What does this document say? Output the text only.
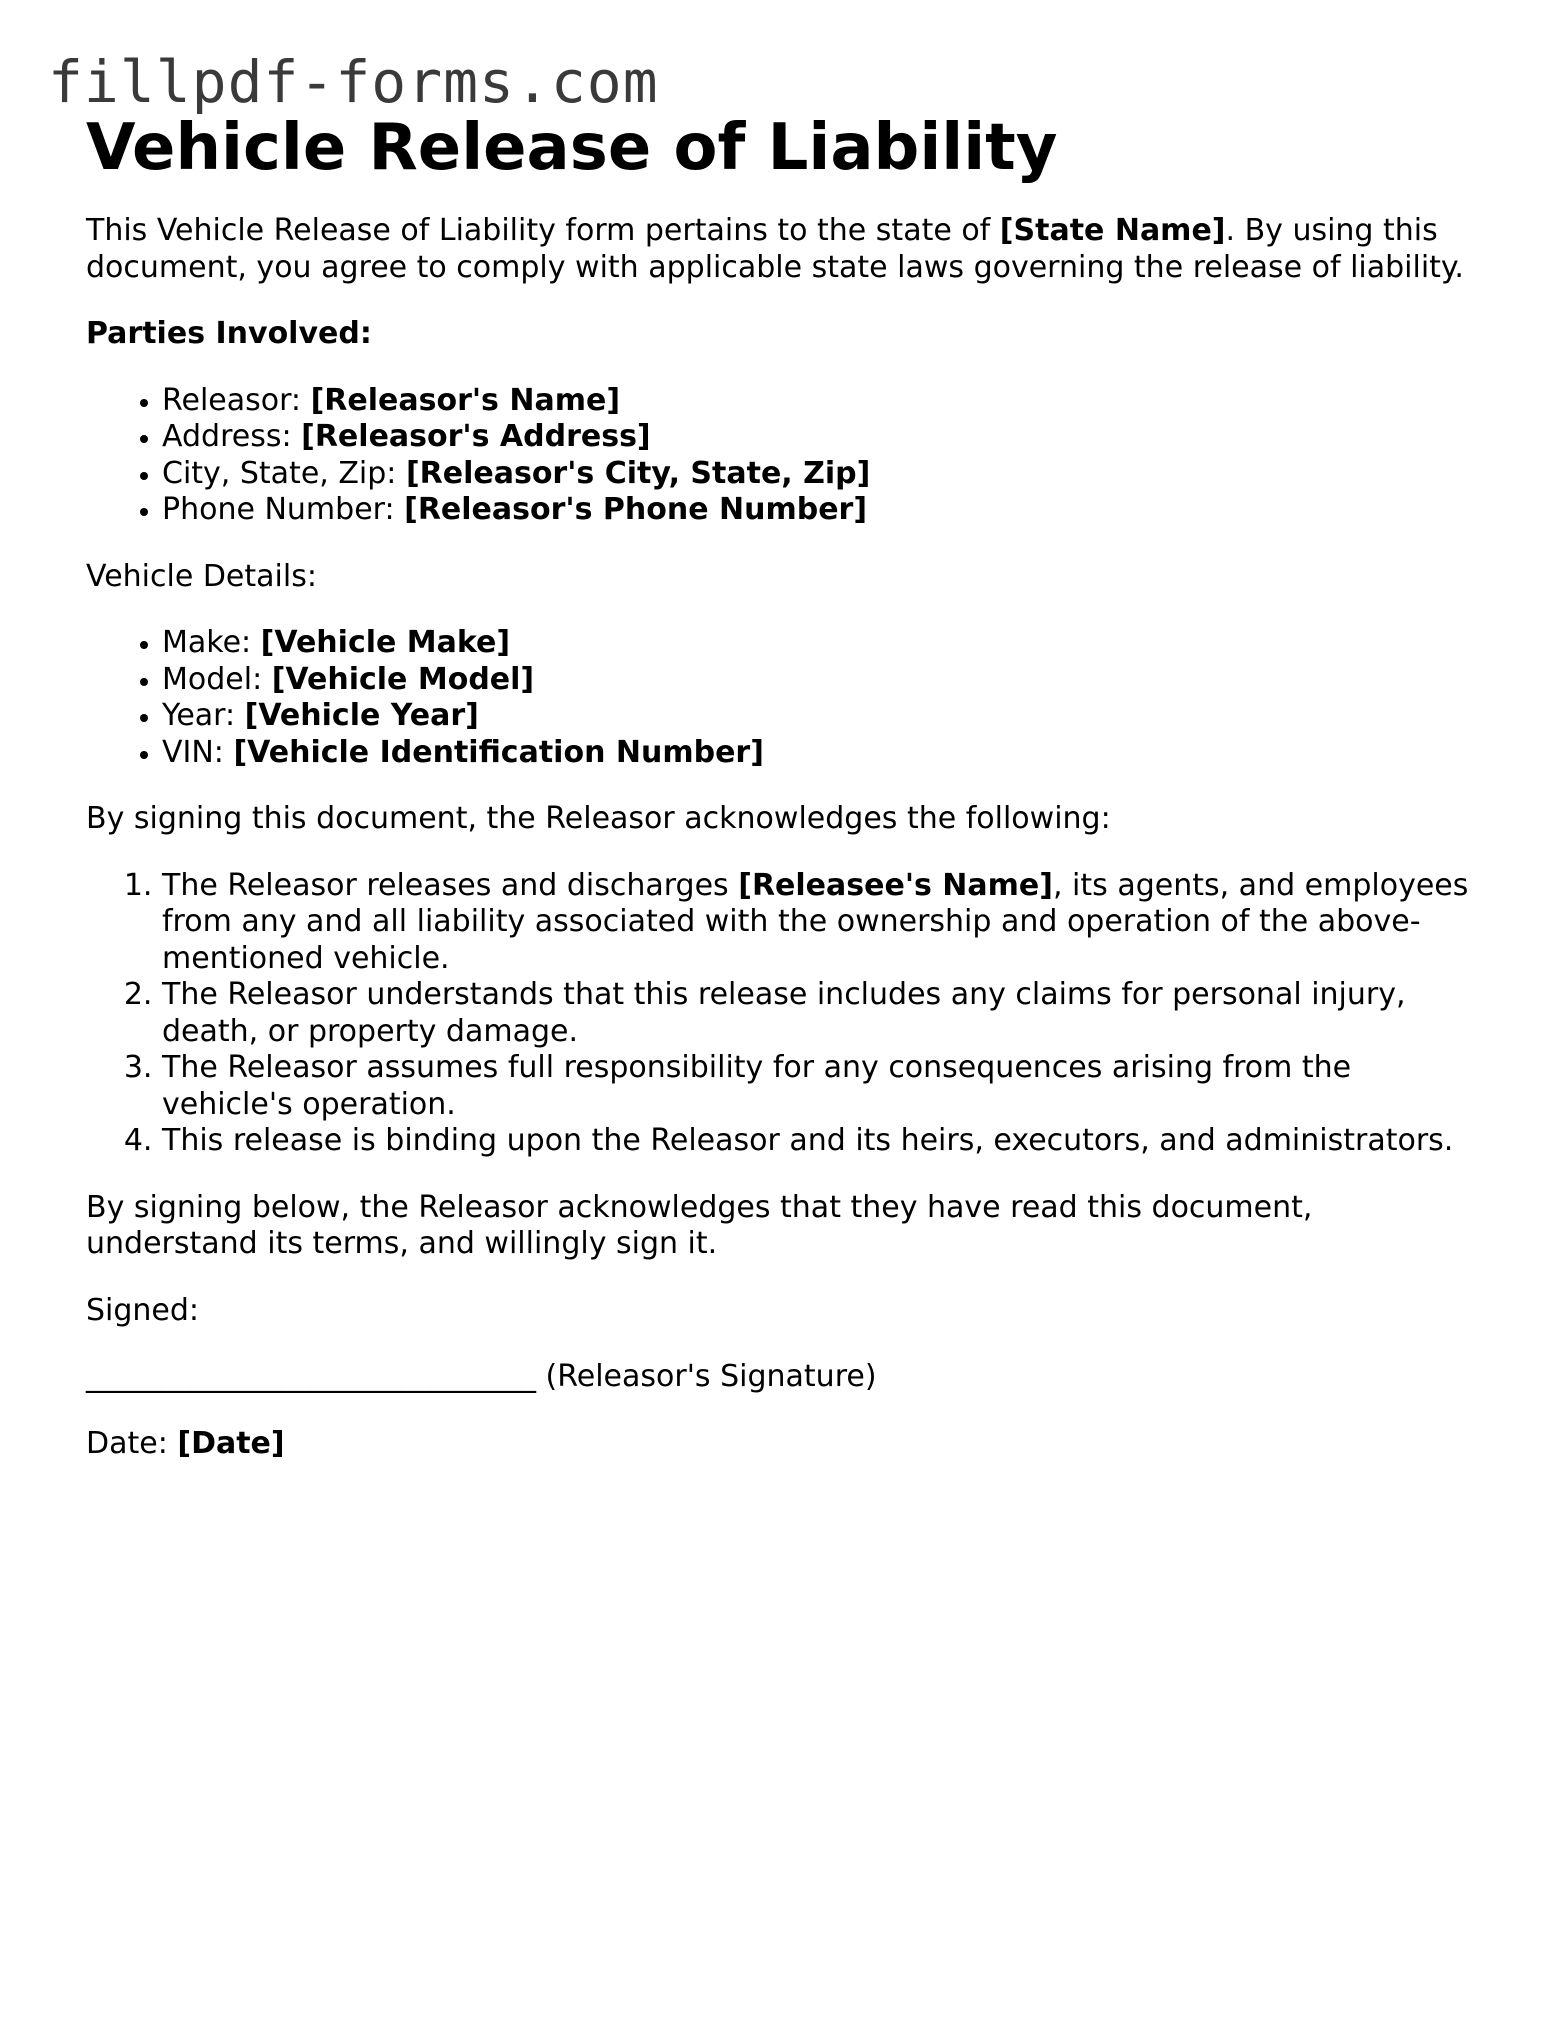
fillpdf-forms.com
Vehicle Release of Liability

This Vehicle Release of Liability form pertains to the state of [State Name]. By using this document, you agree to comply with applicable state laws governing the release of liability.

Parties Involved:

• Releasor: [Releasor's Name]
• Address: [Releasor's Address]
• City, State, Zip: [Releasor's City, State, Zip]
• Phone Number: [Releasor's Phone Number]

Vehicle Details:

• Make: [Vehicle Make]
• Model: [Vehicle Model]
• Year: [Vehicle Year]
• VIN: [Vehicle Identification Number]

By signing this document, the Releasor acknowledges the following:

1. The Releasor releases and discharges [Releasee's Name], its agents, and employees from any and all liability associated with the ownership and operation of the above-mentioned vehicle.
2. The Releasor understands that this release includes any claims for personal injury, death, or property damage.
3. The Releasor assumes full responsibility for any consequences arising from the vehicle's operation.
4. This release is binding upon the Releasor and its heirs, executors, and administrators.

By signing below, the Releasor acknowledges that they have read this document, understand its terms, and willingly sign it.

Signed:

______________________________ (Releasor's Signature)

Date: [Date]
